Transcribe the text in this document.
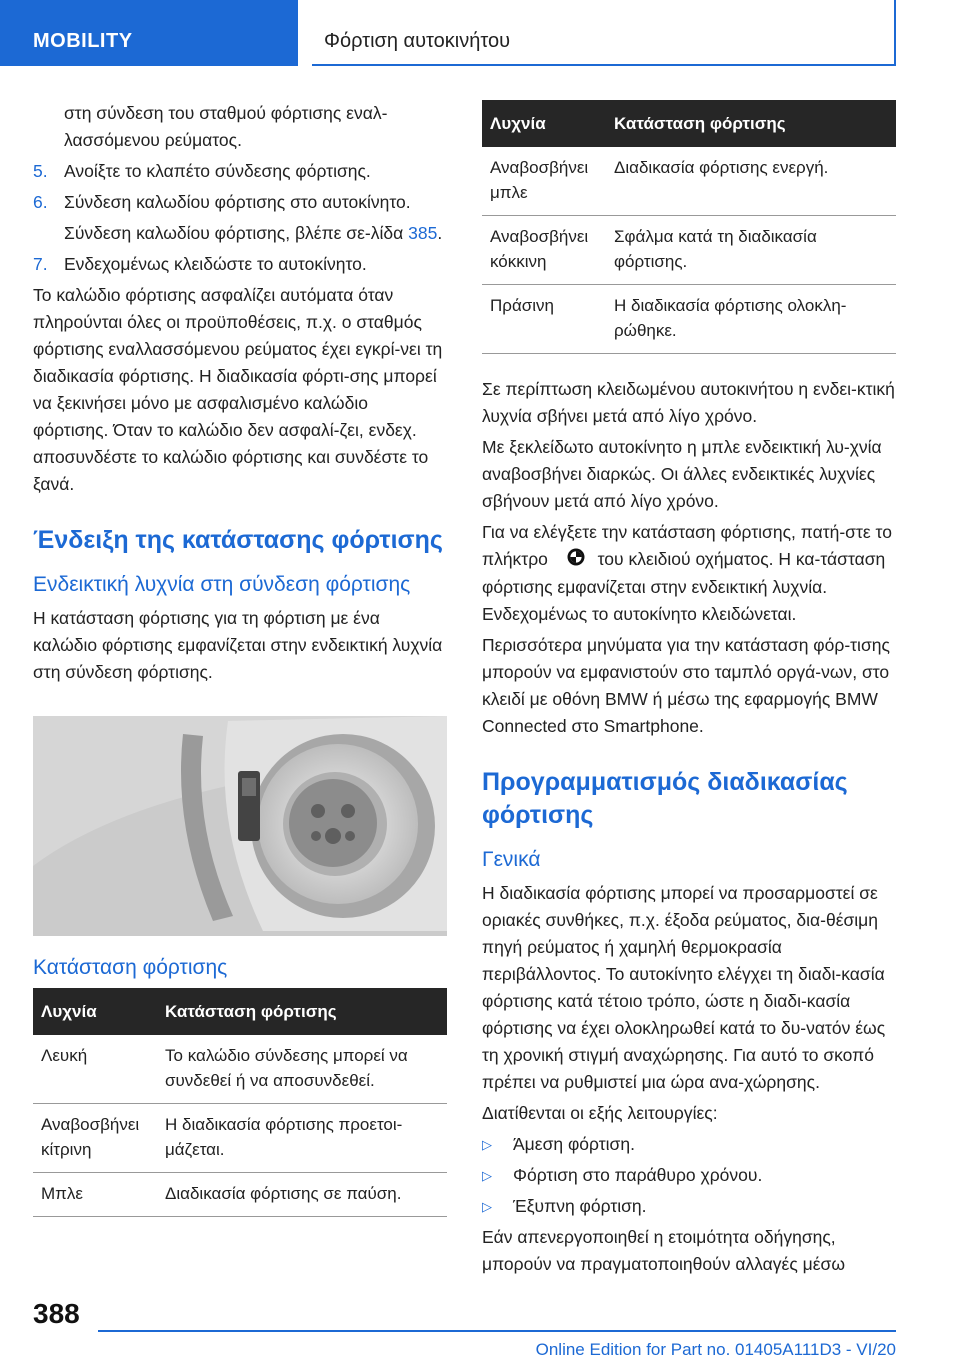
MOBILITY	Φόρτιση αυτοκινήτου
στη σύνδεση του σταθμού φόρτισης εναλ-λασσόμενου ρεύματος.
5. Ανοίξτε το κλαπέτο σύνδεσης φόρτισης.
6. Σύνδεση καλωδίου φόρτισης στο αυτοκίνητο.
Σύνδεση καλωδίου φόρτισης, βλέπε σε-λίδα 385.
7. Ενδεχομένως κλειδώστε το αυτοκίνητο.

Το καλώδιο φόρτισης ασφαλίζει αυτόματα όταν πληρούνται όλες οι προϋποθέσεις, π.χ. ο σταθμός φόρτισης εναλλασσόμενου ρεύματος έχει εγκρί-νει τη διαδικασία φόρτισης. Η διαδικασία φόρτι-σης μπορεί να ξεκινήσει μόνο με ασφαλισμένο καλώδιο φόρτισης. Όταν το καλώδιο δεν ασφαλί-ζει, ενδεχ. αποσυνδέστε το καλώδιο φόρτισης και συνδέστε το ξανά.

Ένδειξη της κατάστασης φόρτισης
Ενδεικτική λυχνία στη σύνδεση φόρτισης

Η κατάσταση φόρτισης για τη φόρτιση με ένα καλώδιο φόρτισης εμφανίζεται στην ενδεικτική λυχνία στη σύνδεση φόρτισης.

Κατάσταση φόρτισης
Λυχνία	Κατάσταση φόρτισης
Λευκή	Το καλώδιο σύνδεσης μπορεί να συνδεθεί ή να αποσυνδεθεί.
Αναβοσβήνει κίτρινη	Η διαδικασία φόρτισης προετοι-μάζεται.
Μπλε	Διαδικασία φόρτισης σε παύση.
Λυχνία	Κατάσταση φόρτισης
Αναβοσβήνει μπλε	Διαδικασία φόρτισης ενεργή.
Αναβοσβήνει κόκκινη	Σφάλμα κατά τη διαδικασία φόρτισης.
Πράσινη	Η διαδικασία φόρτισης ολοκλη-ρώθηκε.

Σε περίπτωση κλειδωμένου αυτοκινήτου η ενδει-κτική λυχνία σβήνει μετά από λίγο χρόνο.

Με ξεκλείδωτο αυτοκίνητο η μπλε ενδεικτική λυ-χνία αναβοσβήνει διαρκώς. Οι άλλες ενδεικτικές λυχνίες σβήνουν μετά από λίγο χρόνο.

Για να ελέγξετε την κατάσταση φόρτισης, πατή-στε το πλήκτρο  του κλειδιού οχήματος. Η κα-τάσταση φόρτισης εμφανίζεται στην ενδεικτική λυχνία. Ενδεχομένως το αυτοκίνητο κλειδώνεται.

Περισσότερα μηνύματα για την κατάσταση φόρ-τισης μπορούν να εμφανιστούν στο ταμπλό οργά-νων, στο κλειδί με οθόνη BMW ή μέσω της εφαρμογής BMW Connected στο Smartphone.

Προγραμματισμός διαδικασίας φόρτισης
Γενικά

Η διαδικασία φόρτισης μπορεί να προσαρμοστεί σε οριακές συνθήκες, π.χ. έξοδα ρεύματος, δια-θέσιμη πηγή ρεύματος ή χαμηλή θερμοκρασία περιβάλλοντος. Το αυτοκίνητο ελέγχει τη διαδι-κασία φόρτισης κατά τέτοιο τρόπο, ώστε η διαδι-κασία φόρτισης να έχει ολοκληρωθεί κατά το δυ-νατόν έως τη χρονική στιγμή αναχώρησης. Για αυτό το σκοπό πρέπει να ρυθμιστεί μια ώρα ανα-χώρησης.

Διατίθενται οι εξής λειτουργίες:

▷	Άμεση φόρτιση.
▷	Φόρτιση στο παράθυρο χρόνου.
▷	Έξυπνη φόρτιση.

Εάν απενεργοποιηθεί η ετοιμότητα οδήγησης, μπορούν να πραγματοποιηθούν αλλαγές μέσω

388
Online Edition for Part no. 01405A111D3 - VI/20
